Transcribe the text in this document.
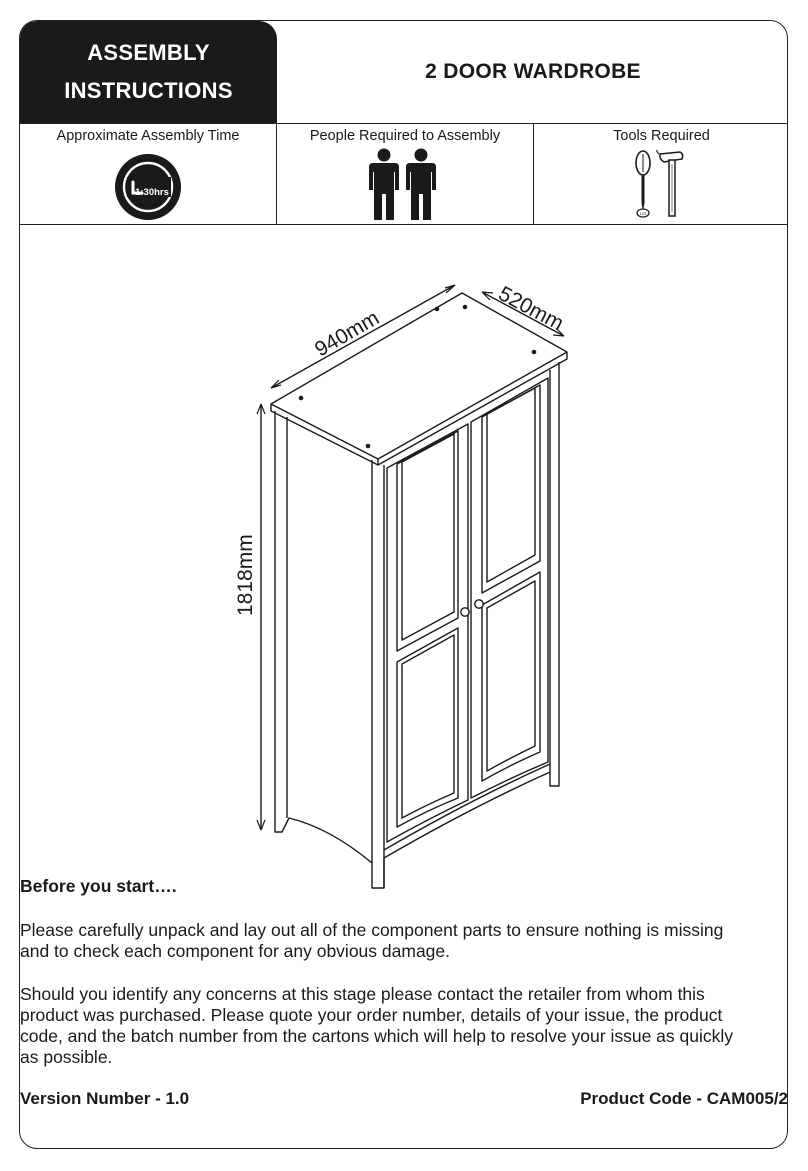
ASSEMBLY
INSTRUCTIONS
2 DOOR WARDROBE
Approximate Assembly Time
1:30hrs
People Required to Assembly	Tools Required
123
940mm	520mm
1818mm
Before you start….
Please carefully unpack and lay out all of the component parts to ensure nothing is missing and to check each component for any obvious damage.
Should you identify any concerns at this stage please contact the retailer from whom this product was purchased. Please quote your order number, details of your issue, the product code, and the batch number from the cartons which will help to resolve your issue as quickly as possible.
Version Number - 1.0	Product Code - CAM005/2
